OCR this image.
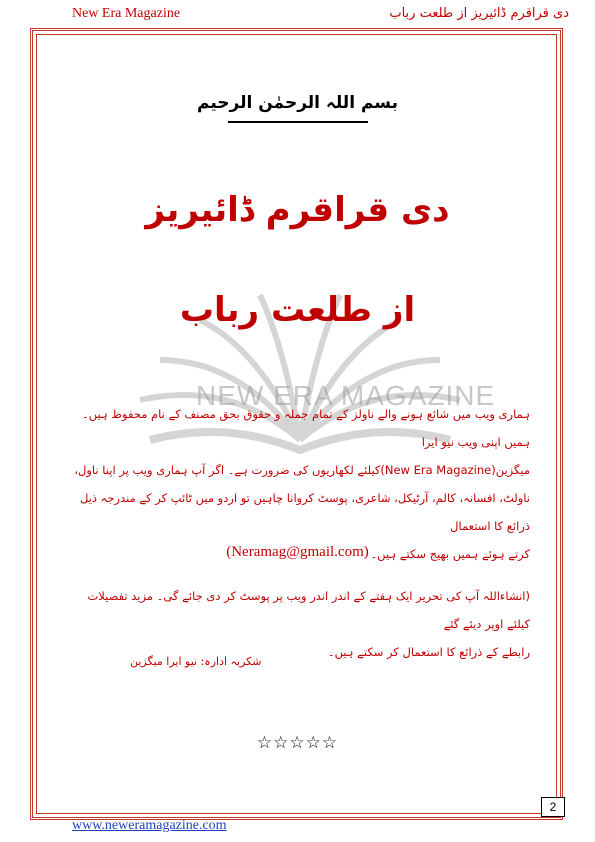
New Era Magazine	دی قراقرم ڈائیریز از طلعت رباب
NEW ERA MAGAZINE
بسم اللہ الرحمٰن الرحیم
دی قراقرم ڈائیریز
از طلعت رباب
ہماری ویب میں شائع ہونے والے ناولز کے تمام جملہ و حقوق بحق مصنف کے نام محفوظ ہیں۔ ہمیں اپنی ویب نیو ایرا
میگزین(New Era Magazine)کیلئے لکھاریوں کی ضرورت ہے۔ اگر آپ ہماری ویب پر اپنا ناول،
ناولٹ، افسانہ، کالم، آرٹیکل، شاعری، پوسٹ کروانا چاہیں تو اردو میں ٹائپ کر کے مندرجہ ذیل ذرائع کا استعمال
کرتے ہوئے ہمیں بھیج سکتے ہیں۔
(Neramag@gmail.com)
(انشاءاللہ آپ کی تحریر ایک ہفتے کے اندر اندر ویب پر پوسٹ کر دی جائے گی۔ مزید تفصیلات کیلئے اوپر دیئے گئے
رابطے کے ذرائع کا استعمال کر سکتے ہیں۔
شکریہ ادارہ: نیو ایرا میگزین
☆☆☆☆☆
2
www.neweramagazine.com
